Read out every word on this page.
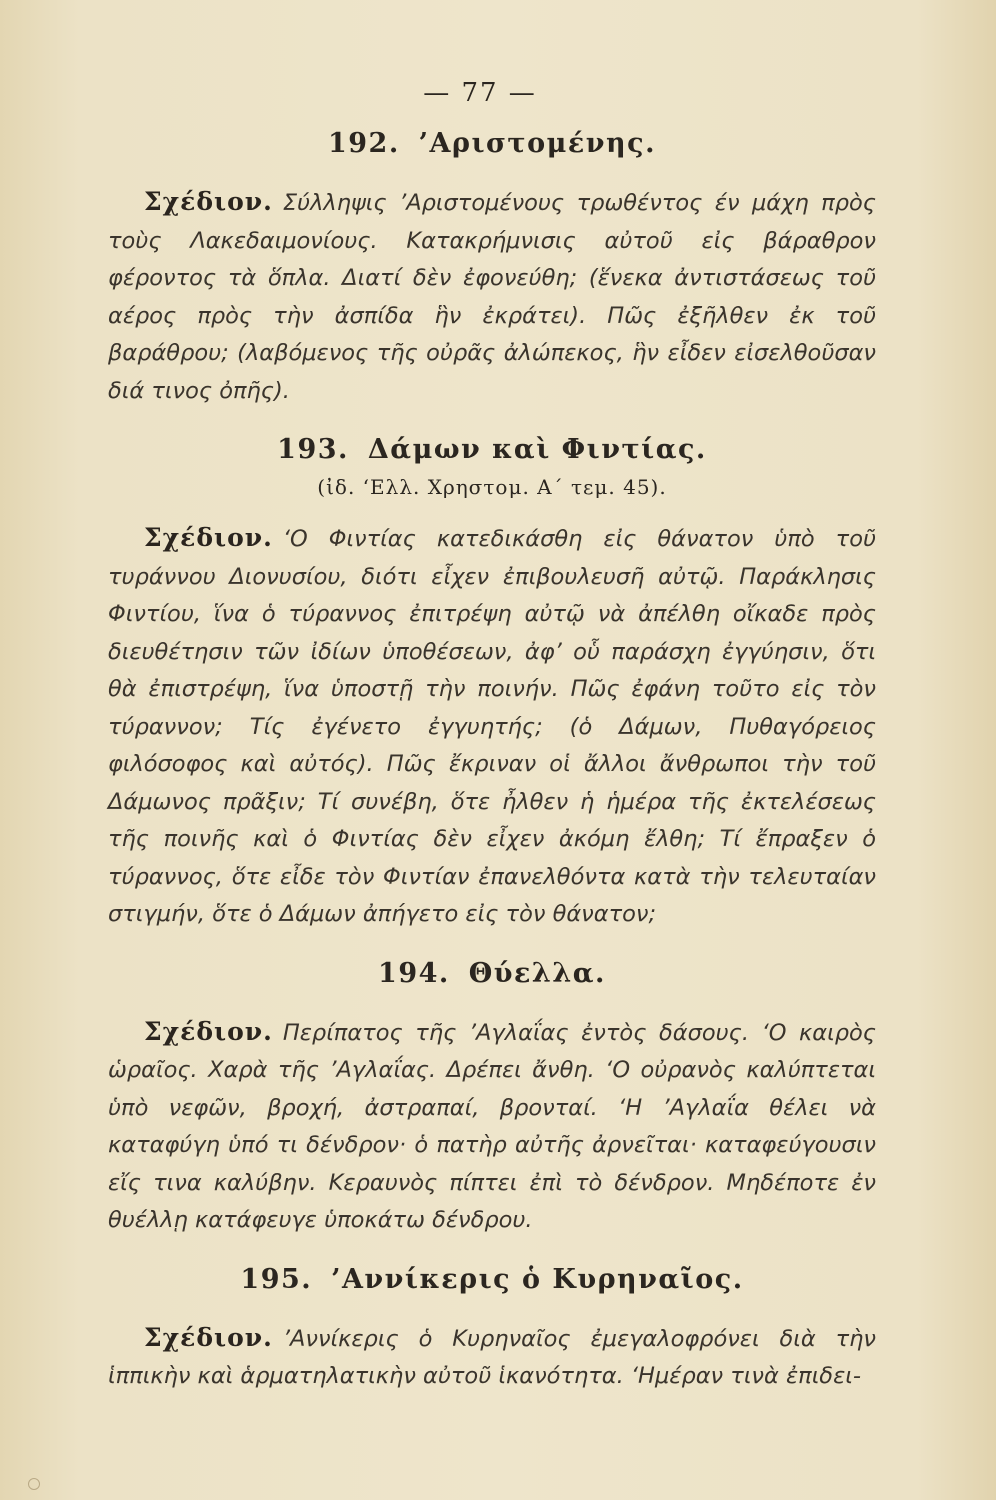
— 77 —
192. ’Αριστομένης.

Σχέδιον. Σύλληψις ’Αριστομένους τρωθέντος έν μάχη πρὸς τοὺς Λακεδαιμονίους. Κατακρήμνισις αὐτοῦ εἰς βάραθρον φέροντος τὰ ὅπλα. Διατί δὲν ἐφονεύθη; (ἕνεκα ἀντιστάσεως τοῦ αέρος πρὸς τὴν ἀσπίδα ἣν ἐκράτει). Πῶς ἐξῆλθεν ἐκ τοῦ βαράθρου; (λαβόμενος τῆς οὐρᾶς ἀλώπεκος, ἣν εἶδεν εἰσελθοῦσαν διά τινος ὀπῆς).

193. Δάμων καὶ Φιντίας.
(ἰδ. ‘Ελλ. Χρηστομ. Α΄ τεμ. 45).

Σχέδιον. ‘Ο Φιντίας κατεδικάσθη εἰς θάνατον ὑπὸ τοῦ τυράννου Διονυσίου, διότι εἶχεν ἐπιβουλευσῆ αὐτῷ. Παράκλησις Φιντίου, ἵνα ὁ τύραννος ἐπιτρέψη αὐτῷ νὰ ἀπέλθη οἴκαδε πρὸς διευθέτησιν τῶν ἰδίων ὑποθέσεων, ἀφ’ οὗ παράσχη ἐγγύησιν, ὅτι θὰ ἐπιστρέψη, ἵνα ὑποστῇ τὴν ποινήν. Πῶς ἐφάνη τοῦτο εἰς τὸν τύραννον; Τίς ἐγένετο ἐγγυητής; (ὁ Δάμων, Πυθαγόρειος φιλόσοφος καὶ αὐτός). Πῶς ἔκριναν οἱ ἄλλοι ἄνθρωποι τὴν τοῦ Δάμωνος πρᾶξιν; Τί συνέβη, ὅτε ἦλθεν ἡ ἡμέρα τῆς ἐκτελέσεως τῆς ποινῆς καὶ ὁ Φιντίας δὲν εἶχεν ἀκόμη ἔλθη; Τί ἔπραξεν ὁ τύραννος, ὅτε εἶδε τὸν Φιντίαν ἐπανελθόντα κατὰ τὴν τελευταίαν στιγμήν, ὅτε ὁ Δάμων ἀπήγετο εἰς τὸν θάνατον;

194. Θύελλα.

Σχέδιον. Περίπατος τῆς ’Αγλαΐας ἐντὸς δάσους. ‘Ο καιρὸς ὡραῖος. Χαρὰ τῆς ’Αγλαΐας. Δρέπει ἄνθη. ‘Ο οὐρανὸς καλύπτεται ὑπὸ νεφῶν, βροχή, ἀστραπαί, βρονταί. ‘Η ’Αγλαΐα θέλει νὰ καταφύγη ὑπό τι δένδρον· ὁ πατὴρ αὐτῆς ἀρνεῖται· καταφεύγουσιν εἴς τινα καλύβην. Κεραυνὸς πίπτει ἐπὶ τὸ δένδρον. Μηδέποτε ἐν θυέλλῃ κατάφευγε ὑποκάτω δένδρου.

195. ’Αννίκερις ὁ Κυρηναῖος.

Σχέδιον. ’Αννίκερις ὁ Κυρηναῖος ἐμεγαλοφρόνει διὰ τὴν ἱππικὴν καὶ ἁρματηλατικὴν αὐτοῦ ἱκανότητα. ‘Ημέραν τινὰ ἐπιδει-
